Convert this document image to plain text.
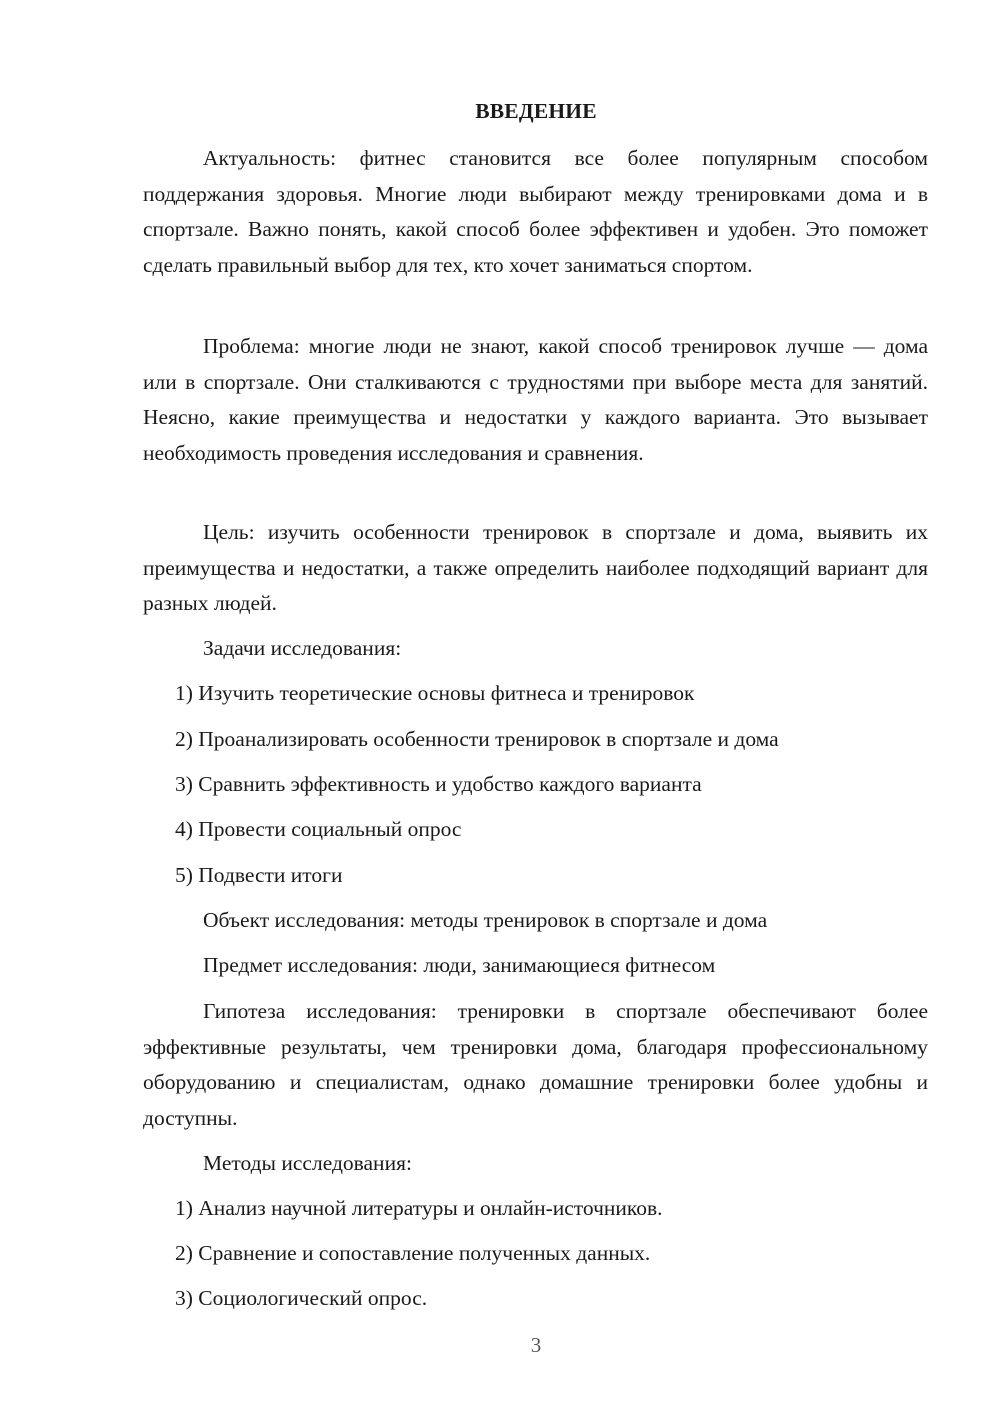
ВВЕДЕНИЕ
Актуальность: фитнес становится все более популярным способом поддержания здоровья. Многие люди выбирают между тренировками дома и в спортзале. Важно понять, какой способ более эффективен и удобен. Это поможет сделать правильный выбор для тех, кто хочет заниматься спортом.
Проблема: многие люди не знают, какой способ тренировок лучше — дома или в спортзале. Они сталкиваются с трудностями при выборе места для занятий. Неясно, какие преимущества и недостатки у каждого варианта. Это вызывает необходимость проведения исследования и сравнения.
Цель: изучить особенности тренировок в спортзале и дома, выявить их преимущества и недостатки, а также определить наиболее подходящий вариант для разных людей.
Задачи исследования:
1) Изучить теоретические основы фитнеса и тренировок
2) Проанализировать особенности тренировок в спортзале и дома
3) Сравнить эффективность и удобство каждого варианта
4) Провести социальный опрос
5) Подвести итоги
Объект исследования: методы тренировок в спортзале и дома
Предмет исследования: люди, занимающиеся фитнесом
Гипотеза исследования: тренировки в спортзале обеспечивают более эффективные результаты, чем тренировки дома, благодаря профессиональному оборудованию и специалистам, однако домашние тренировки более удобны и доступны.
Методы исследования:
1) Анализ научной литературы и онлайн-источников.
2) Сравнение и сопоставление полученных данных.
3) Социологический опрос.
3
